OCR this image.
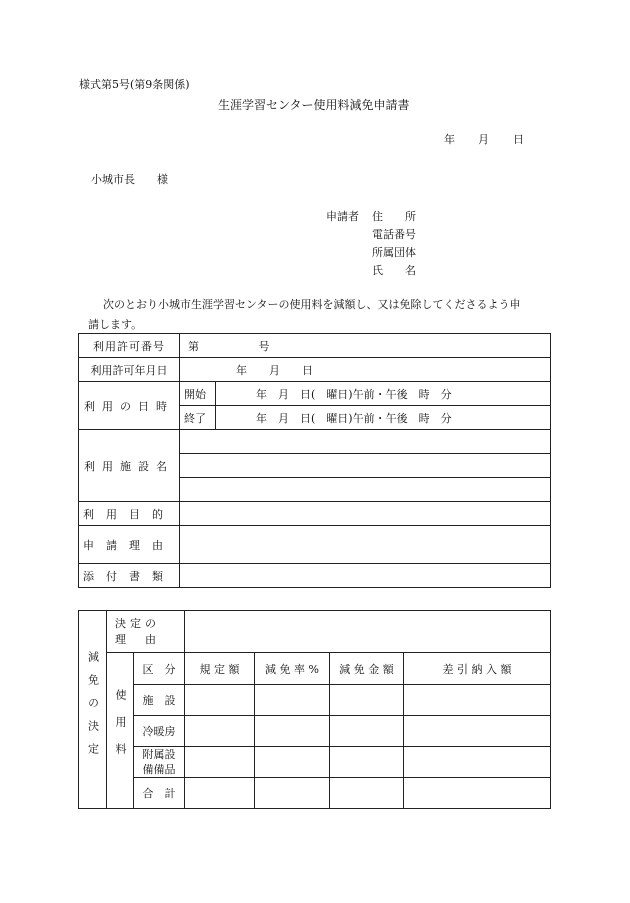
様式第5号(第9条関係)
生涯学習センター使用料減免申請書
年 月 日
小城市長　　様
申請者 住　　所
電話番号
所属団体
氏　　名
次のとおり小城市生涯学習センターの使用料を減額し、又は免除してくださるよう申
請します。
利用許可番号	第 号	
利用許可年月日	年　　月　　日	
利用の日時	開始	年　月　日(　曜日)午前・午後　時　分
	終了	年　月　日(　曜日)午前・午後　時　分
利用施設名		

利用目的		
申請理由		
添付書類		
減免の決定	決定の
理　由					

	使用料	区　分	規 定 額	減 免 率 %	減 免 金 額	差 引 納 入 額
		施　設				
		冷暖房				
		附属設備備品				
		合　計				
